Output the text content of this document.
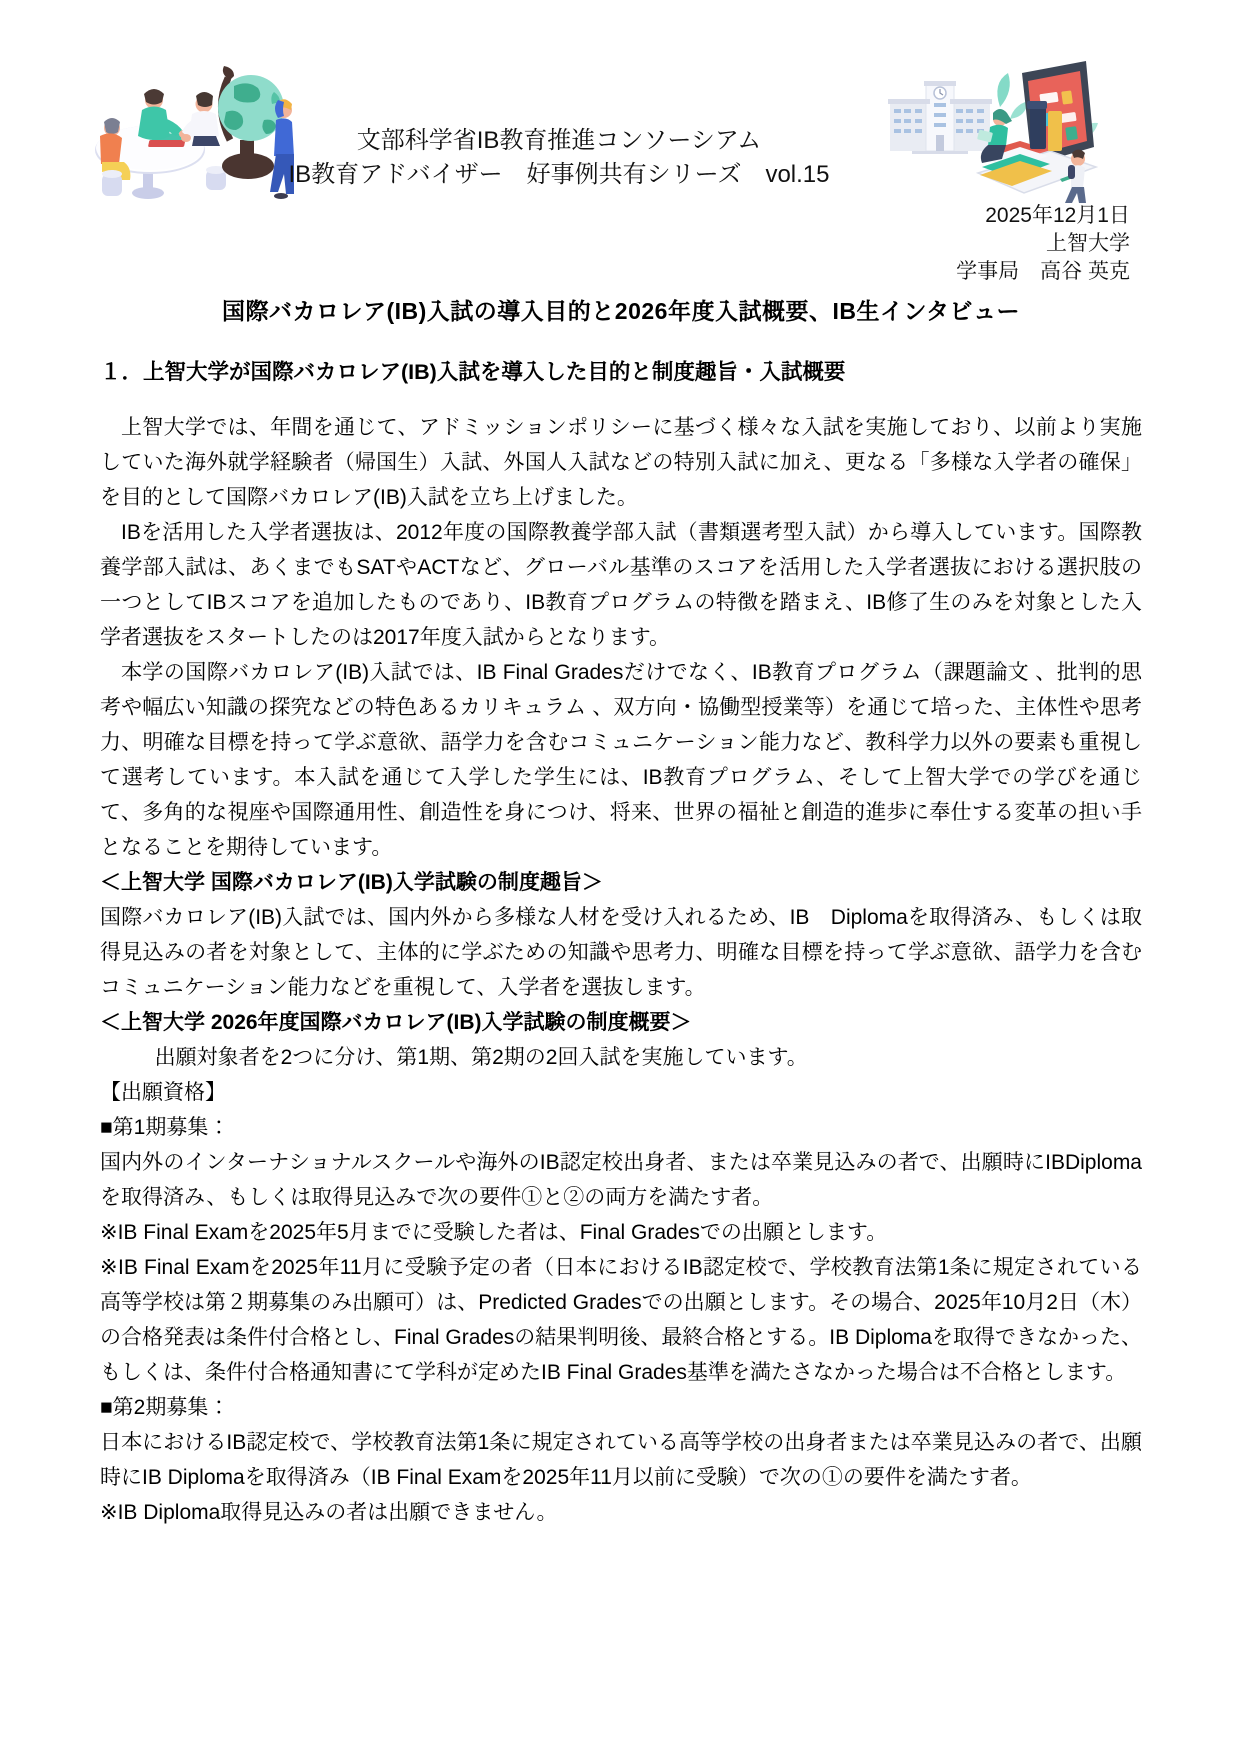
文部科学省IB教育推進コンソーシアム
IB教育アドバイザー　好事例共有シリーズ　vol.15
2025年12月1日
上智大学
学事局　高谷 英克
国際バカロレア(IB)入試の導入目的と2026年度入試概要、IB生インタビュー
１．上智大学が国際バカロレア(IB)入試を導入した目的と制度趣旨・入試概要

上智大学では、年間を通じて、アドミッションポリシーに基づく様々な入試を実施しており、以前より実施していた海外就学経験者（帰国生）入試、外国人入試などの特別入試に加え、更なる「多様な入学者の確保」を目的として国際バカロレア(IB)入試を立ち上げました。

IBを活用した入学者選抜は、2012年度の国際教養学部入試（書類選考型入試）から導入しています。国際教養学部入試は、あくまでもSATやACTなど、グローバル基準のスコアを活用した入学者選抜における選択肢の一つとしてIBスコアを追加したものであり、IB教育プログラムの特徴を踏まえ、IB修了生のみを対象とした入学者選抜をスタートしたのは2017年度入試からとなります。

本学の国際バカロレア(IB)入試では、IB Final Gradesだけでなく、IB教育プログラム（課題論文 、批判的思考や幅広い知識の探究などの特色あるカリキュラム 、双方向・協働型授業等）を通じて培った、主体性や思考力、明確な目標を持って学ぶ意欲、語学力を含むコミュニケーション能力など、教科学力以外の要素も重視して選考しています。本入試を通じて入学した学生には、IB教育プログラム、そして上智大学での学びを通じて、多角的な視座や国際通用性、創造性を身につけ、将来、世界の福祉と創造的進歩に奉仕する変革の担い手となることを期待しています。

＜上智大学 国際バカロレア(IB)入学試験の制度趣旨＞

国際バカロレア(IB)入試では、国内外から多様な人材を受け入れるため、IB　Diplomaを取得済み、もしくは取得見込みの者を対象として、主体的に学ぶための知識や思考力、明確な目標を持って学ぶ意欲、語学力を含むコミュニケーション能力などを重視して、入学者を選抜します。

＜上智大学 2026年度国際バカロレア(IB)入学試験の制度概要＞

出願対象者を2つに分け、第1期、第2期の2回入試を実施しています。

【出願資格】

■第1期募集：

国内外のインターナショナルスクールや海外のIB認定校出身者、または卒業見込みの者で、出願時にIBDiplomaを取得済み、もしくは取得見込みで次の要件①と②の両方を満たす者。

※IB Final Examを2025年5月までに受験した者は、Final Gradesでの出願とします。

※IB Final Examを2025年11月に受験予定の者（日本におけるIB認定校で、学校教育法第1条に規定されている高等学校は第２期募集のみ出願可）は、Predicted Gradesでの出願とします。その場合、2025年10月2日（木）の合格発表は条件付合格とし、Final Gradesの結果判明後、最終合格とする。IB Diplomaを取得できなかった、もしくは、条件付合格通知書にて学科が定めたIB Final Grades基準を満たさなかった場合は不合格とします。

■第2期募集：

日本におけるIB認定校で、学校教育法第1条に規定されている高等学校の出身者または卒業見込みの者で、出願時にIB Diplomaを取得済み（IB Final Examを2025年11月以前に受験）で次の①の要件を満たす者。

※IB Diploma取得見込みの者は出願できません。
